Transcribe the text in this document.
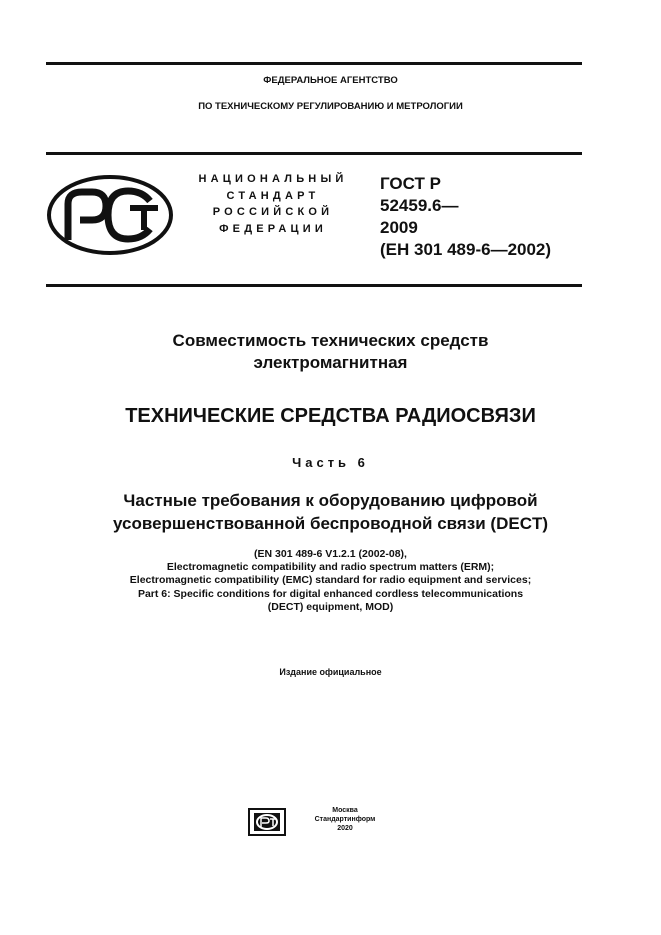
ФЕДЕРАЛЬНОЕ АГЕНТСТВО
ПО ТЕХНИЧЕСКОМУ РЕГУЛИРОВАНИЮ И МЕТРОЛОГИИ
НАЦИОНАЛЬНЫЙ
СТАНДАРТ
РОССИЙСКОЙ
ФЕДЕРАЦИИ
ГОСТ Р
52459.6—
2009
(ЕН 301 489-6—2002)
Совместимость технических средств
электромагнитная
ТЕХНИЧЕСКИЕ СРЕДСТВА РАДИОСВЯЗИ
Часть 6
Частные требования к оборудованию цифровой
усовершенствованной беспроводной связи (DECT)
(EN 301 489-6 V1.2.1 (2002-08),
Electromagnetic compatibility and radio spectrum matters (ERM);
Electromagnetic compatibility (EMC) standard for radio equipment and services;
Part 6: Specific conditions for digital enhanced cordless telecommunications
(DECT) equipment, MOD)
Издание официальное
Москва
Стандартинформ
2020
